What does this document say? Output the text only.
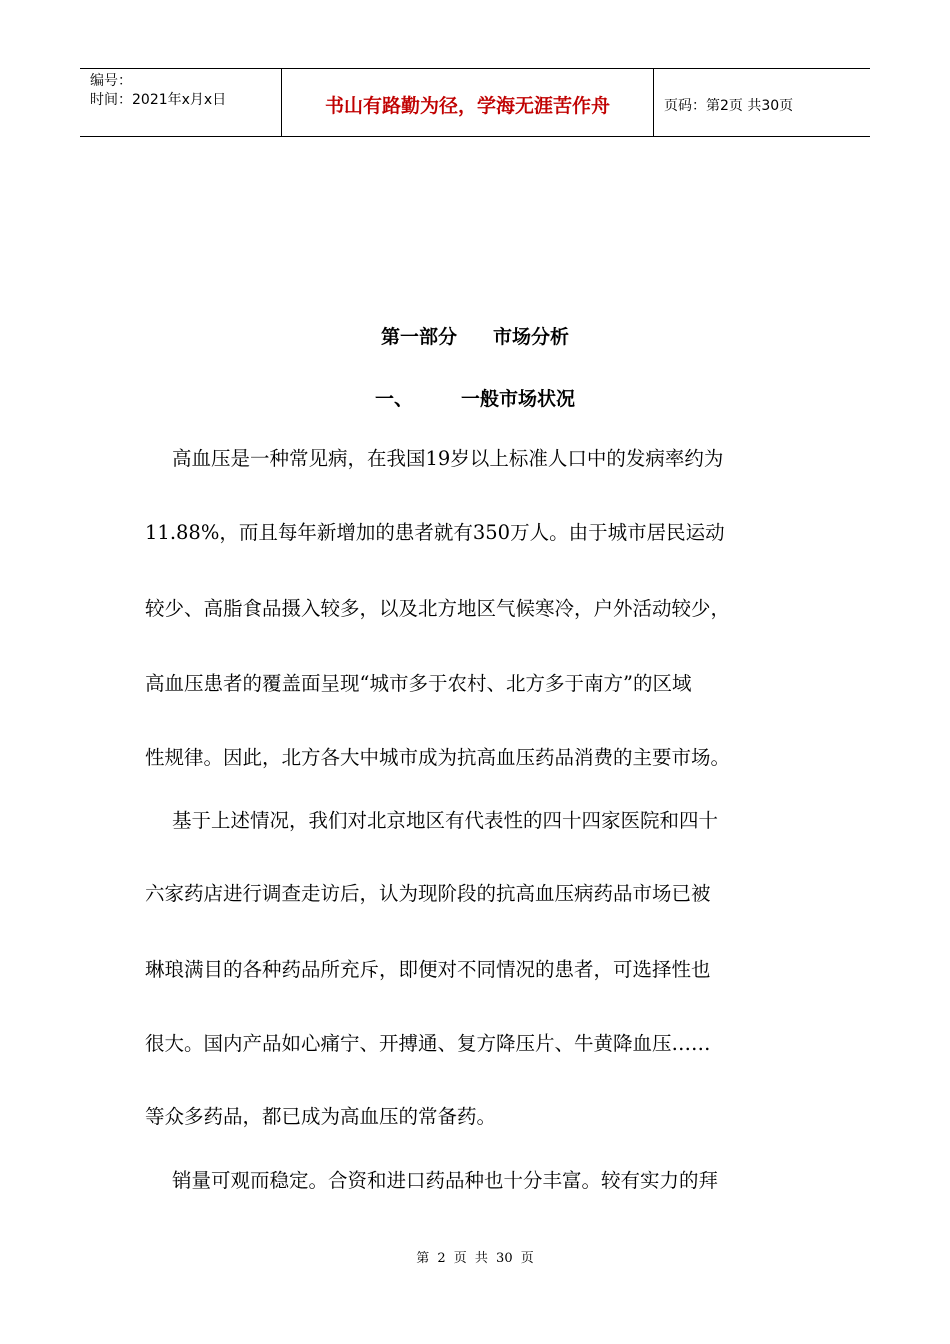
编号：
时间：2021年x月x日	书山有路勤为径，学海无涯苦作舟	页码：第2页 共30页
第一部分 市场分析
一、	一般市场状况
高血压是一种常见病，在我国19岁以上标准人口中的发病率约为
11.88%，而且每年新增加的患者就有350万人。由于城市居民运动
较少、高脂食品摄入较多，以及北方地区气候寒冷，户外活动较少，
高血压患者的覆盖面呈现“城市多于农村、北方多于南方”的区域
性规律。因此，北方各大中城市成为抗高血压药品消费的主要市场。
基于上述情况，我们对北京地区有代表性的四十四家医院和四十
六家药店进行调查走访后，认为现阶段的抗高血压病药品市场已被
琳琅满目的各种药品所充斥，即便对不同情况的患者，可选择性也
很大。国内产品如心痛宁、开搏通、复方降压片、牛黄降血压……
等众多药品，都已成为高血压的常备药。
销量可观而稳定。合资和进口药品种也十分丰富。较有实力的拜
第 2 页 共 30 页
